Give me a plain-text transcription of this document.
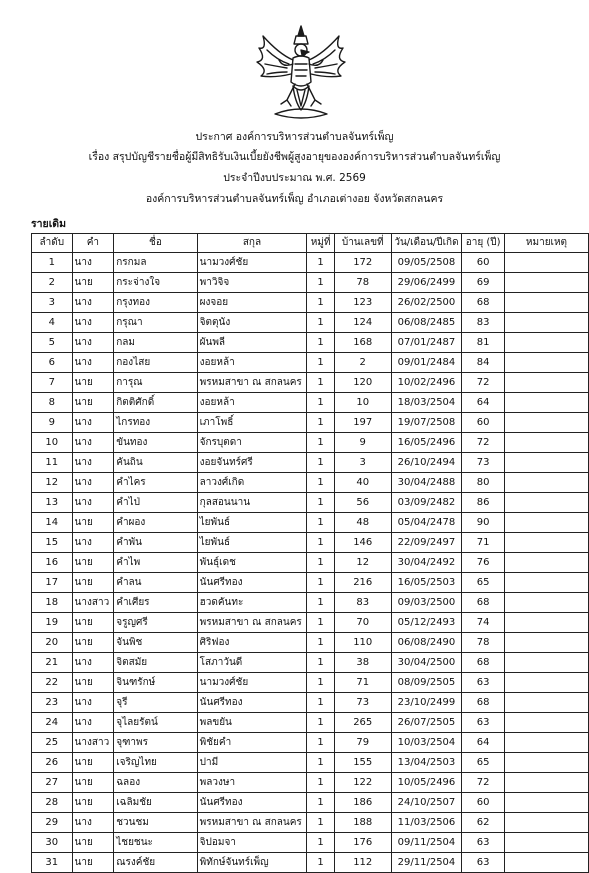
ประกาศ องค์การบริหารส่วนตำบลจันทร์เพ็ญ
เรื่อง สรุปบัญชีรายชื่อผู้มีสิทธิรับเงินเบี้ยยังชีพผู้สูงอายุขององค์การบริหารส่วนตำบลจันทร์เพ็ญ
ประจำปีงบประมาณ พ.ศ. 2569
องค์การบริหารส่วนตำบลจันทร์เพ็ญ อำเภอเต่างอย จังหวัดสกลนคร
รายเดิม
ลำดับ	คำ	ชื่อ	สกุล	หมู่ที่	บ้านเลขที่	วัน/เดือน/ปีเกิด	อายุ (ปี)	หมายเหตุ
1	นาง	กรกมล	นามวงศ์ชัย	1	172	09/05/2508	60	
2	นาย	กระจ่างใจ	พาวิจิจ	1	78	29/06/2499	69	
3	นาง	กรุงทอง	ผงจอย	1	123	26/02/2500	68	
4	นาง	กรุณา	จิตตุนัง	1	124	06/08/2485	83	
5	นาง	กลม	ผันพลี	1	168	07/01/2487	81	
6	นาง	กองไสย	งอยหล้า	1	2	09/01/2484	84	
7	นาย	การุณ	พรหมสาขา ณ สกลนคร	1	120	10/02/2496	72	
8	นาย	กิตติศักดิ์	งอยหล้า	1	10	18/03/2504	64	
9	นาง	ไกรทอง	เภาโพธิ์	1	197	19/07/2508	60	
10	นาง	ขันทอง	จักรบุตดา	1	9	16/05/2496	72	
11	นาง	คันถิน	งอยจันทร์ศรี	1	3	26/10/2494	73	
12	นาง	คำไคร	ลาวงศ์เกิด	1	40	30/04/2488	80	
13	นาง	คำไป่	กุลสอนนาน	1	56	03/09/2482	86	
14	นาย	คำผอง	ไยพันธ์	1	48	05/04/2478	90	
15	นาง	คำพัน	ไยพันธ์	1	146	22/09/2497	71	
16	นาย	คำไพ	พันธุ์เดช	1	12	30/04/2492	76	
17	นาย	คำลน	นันศรีทอง	1	216	16/05/2503	65	
18	นางสาว	คำเศียร	ฮวดคันทะ	1	83	09/03/2500	68	
19	นาย	จรูญศรี	พรหมสาขา ณ สกลนคร	1	70	05/12/2493	74	
20	นาย	จันพิช	ศิริฟอง	1	110	06/08/2490	78	
21	นาง	จิตสมัย	โสภาวันดี	1	38	30/04/2500	68	
22	นาย	จินฑรักษ์	นามวงศ์ชัย	1	71	08/09/2505	63	
23	นาง	จุรี	นันศรีทอง	1	73	23/10/2499	68	
24	นาง	จุไลยรัตน์	พลขยัน	1	265	26/07/2505	63	
25	นางสาว	จุฑาพร	พิชัยคำ	1	79	10/03/2504	64	
26	นาย	เจริญไทย	ปามี	1	155	13/04/2503	65	
27	นาย	ฉลอง	พลวงษา	1	122	10/05/2496	72	
28	นาย	เฉลิมชัย	นันศรีทอง	1	186	24/10/2507	60	
29	นาง	ชวนชม	พรหมสาขา ณ สกลนคร	1	188	11/03/2506	62	
30	นาย	ไชยชนะ	จิปอมจา	1	176	09/11/2504	63	
31	นาย	ณรงค์ชัย	พิทักษ์จันทร์เพ็ญ	1	112	29/11/2504	63	
